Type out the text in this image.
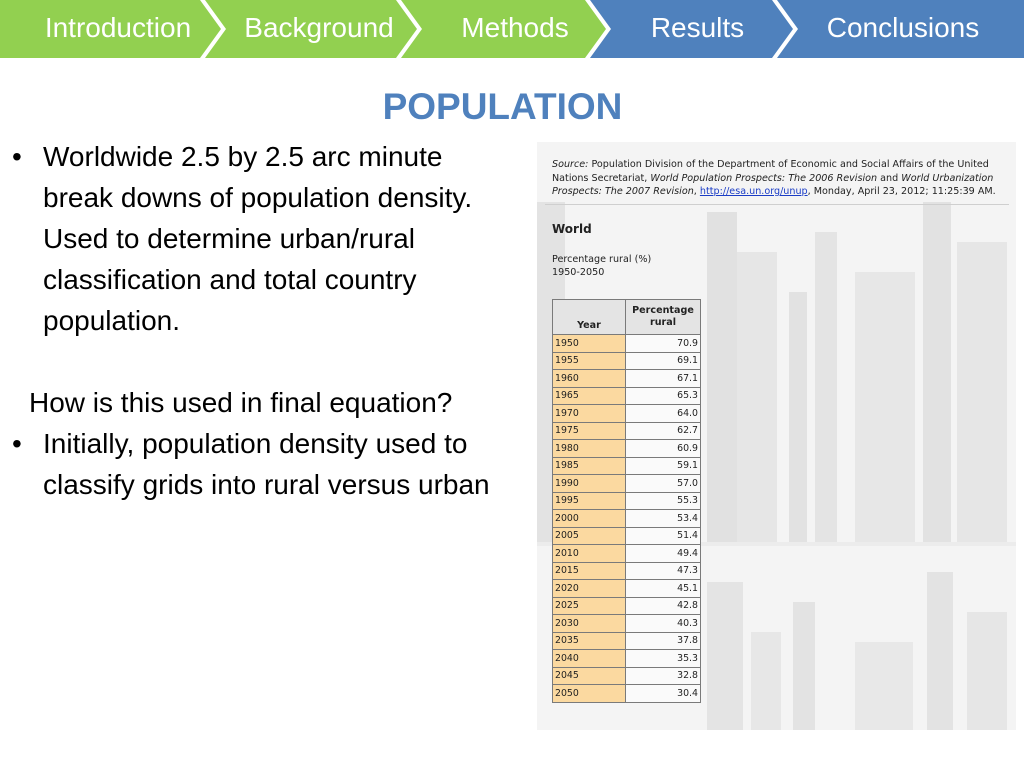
Introduction	Background	Methods	Results	Conclusions
POPULATION
• Worldwide 2.5 by 2.5 arc minute break downs of population density. Used to determine urban/rural classification and total country population.
How is this used in final equation?
• Initially, population density used to classify grids into rural versus urban
Source: Population Division of the Department of Economic and Social Affairs of the United Nations Secretariat, World Population Prospects: The 2006 Revision and World Urbanization Prospects: The 2007 Revision, http://esa.un.org/unup, Monday, April 23, 2012; 11:25:39 AM.
World
Percentage rural (%)
1950-2050
Year	Percentage rural
1950	70.9
1955	69.1
1960	67.1
1965	65.3
1970	64.0
1975	62.7
1980	60.9
1985	59.1
1990	57.0
1995	55.3
2000	53.4
2005	51.4
2010	49.4
2015	47.3
2020	45.1
2025	42.8
2030	40.3
2035	37.8
2040	35.3
2045	32.8
2050	30.4
